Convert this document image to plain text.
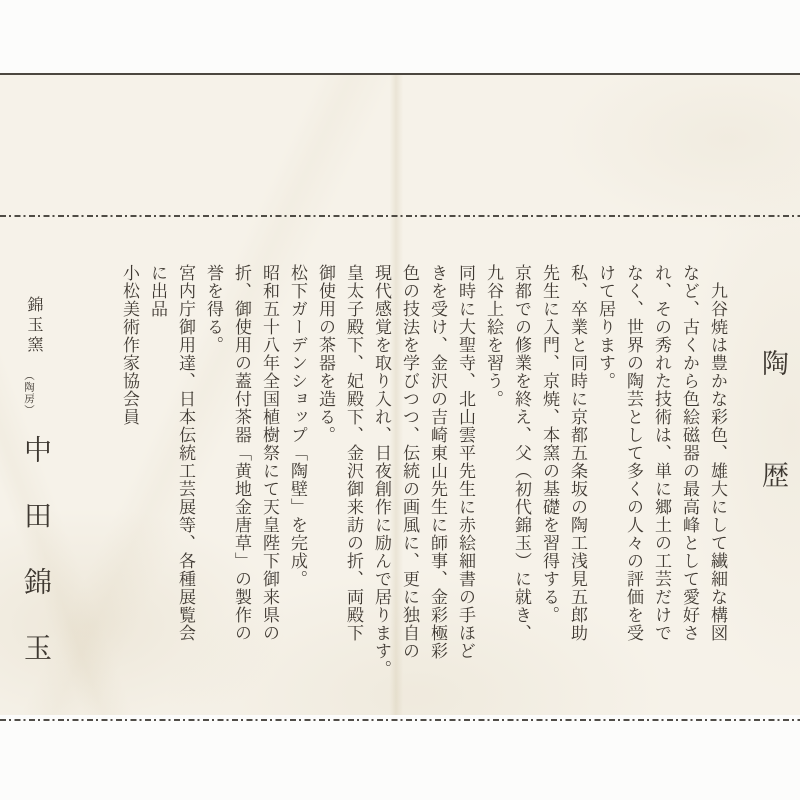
陶歴
九谷焼は豊かな彩色、雄大にして繊細な構図
など、古くから色絵磁器の最高峰として愛好さ
れ、その秀れた技術は、単に郷土の工芸だけで
なく、世界の陶芸として多くの人々の評価を受
けて居ります。
私、卒業と同時に京都五条坂の陶工浅見五郎助
先生に入門、京焼、本窯の基礎を習得する。
京都での修業を終え、父（初代錦玉）に就き、
九谷上絵を習う。
同時に大聖寺、北山雲平先生に赤絵細書の手ほど
きを受け、金沢の吉崎東山先生に師事、金彩極彩
色の技法を学びつつ、伝統の画風に、更に独自の
現代感覚を取り入れ、日夜創作に励んで居ります。
皇太子殿下、妃殿下、金沢御来訪の折、両殿下
御使用の茶器を造る。
松下ガーデンショップ「陶壁」を完成。
昭和五十八年全国植樹祭にて天皇陛下御来県の
折、御使用の蓋付茶器「黄地金唐草」の製作の
誉を得る。
宮内庁御用達、日本伝統工芸展等、各種展覧会
に出品
小松美術作家協会員
錦玉窯
（陶房）
中田錦玉
